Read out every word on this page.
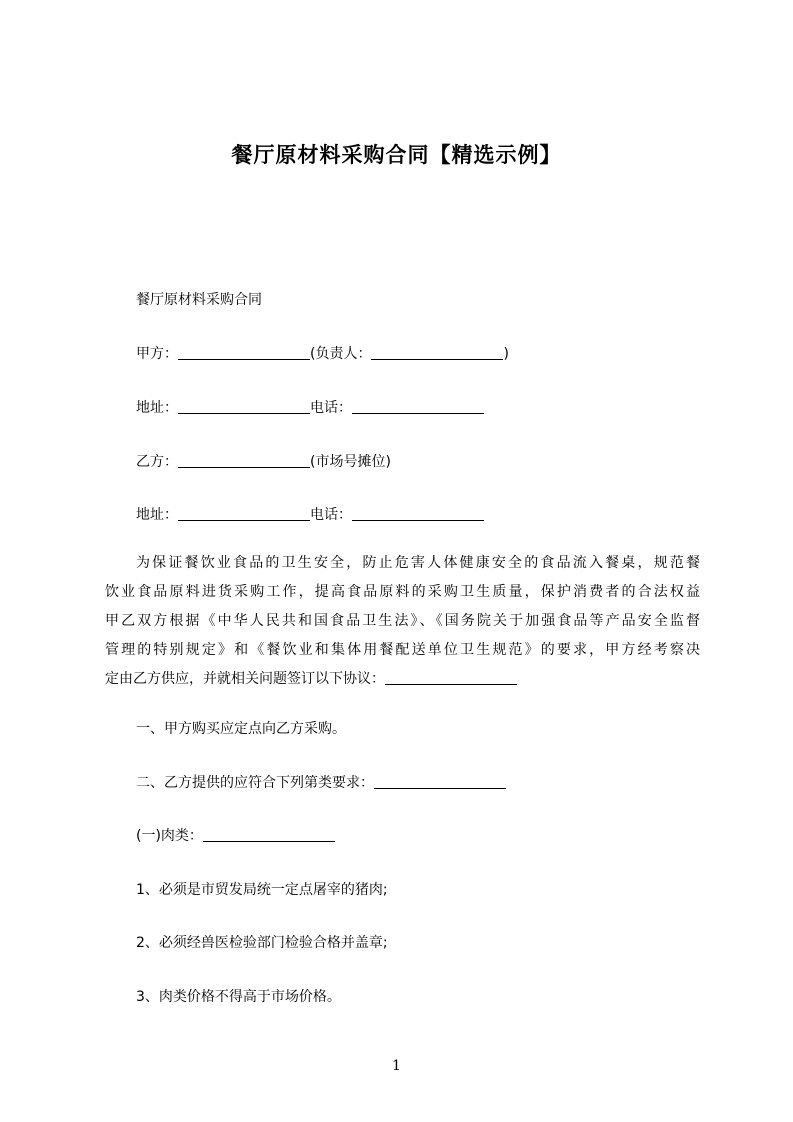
餐厅原材料采购合同【精选示例】
餐厅原材料采购合同
甲方：	(负责人：	)
地址：	电话：
乙方：	(市场号摊位)
地址：	电话：
为保证餐饮业食品的卫生安全，防止危害人体健康安全的食品流入餐桌，规范餐
饮业食品原料进货采购工作，提高食品原料的采购卫生质量，保护消费者的合法权益
甲乙双方根据《中华人民共和国食品卫生法》、《国务院关于加强食品等产品安全监督
管理的特别规定》和《餐饮业和集体用餐配送单位卫生规范》的要求，甲方经考察决
定由乙方供应，并就相关问题签订以下协议：
一、甲方购买应定点向乙方采购。
二、乙方提供的应符合下列第类要求：
(一)肉类：
1、必须是市贸发局统一定点屠宰的猪肉;
2、必须经兽医检验部门检验合格并盖章;
3、肉类价格不得高于市场价格。
1
